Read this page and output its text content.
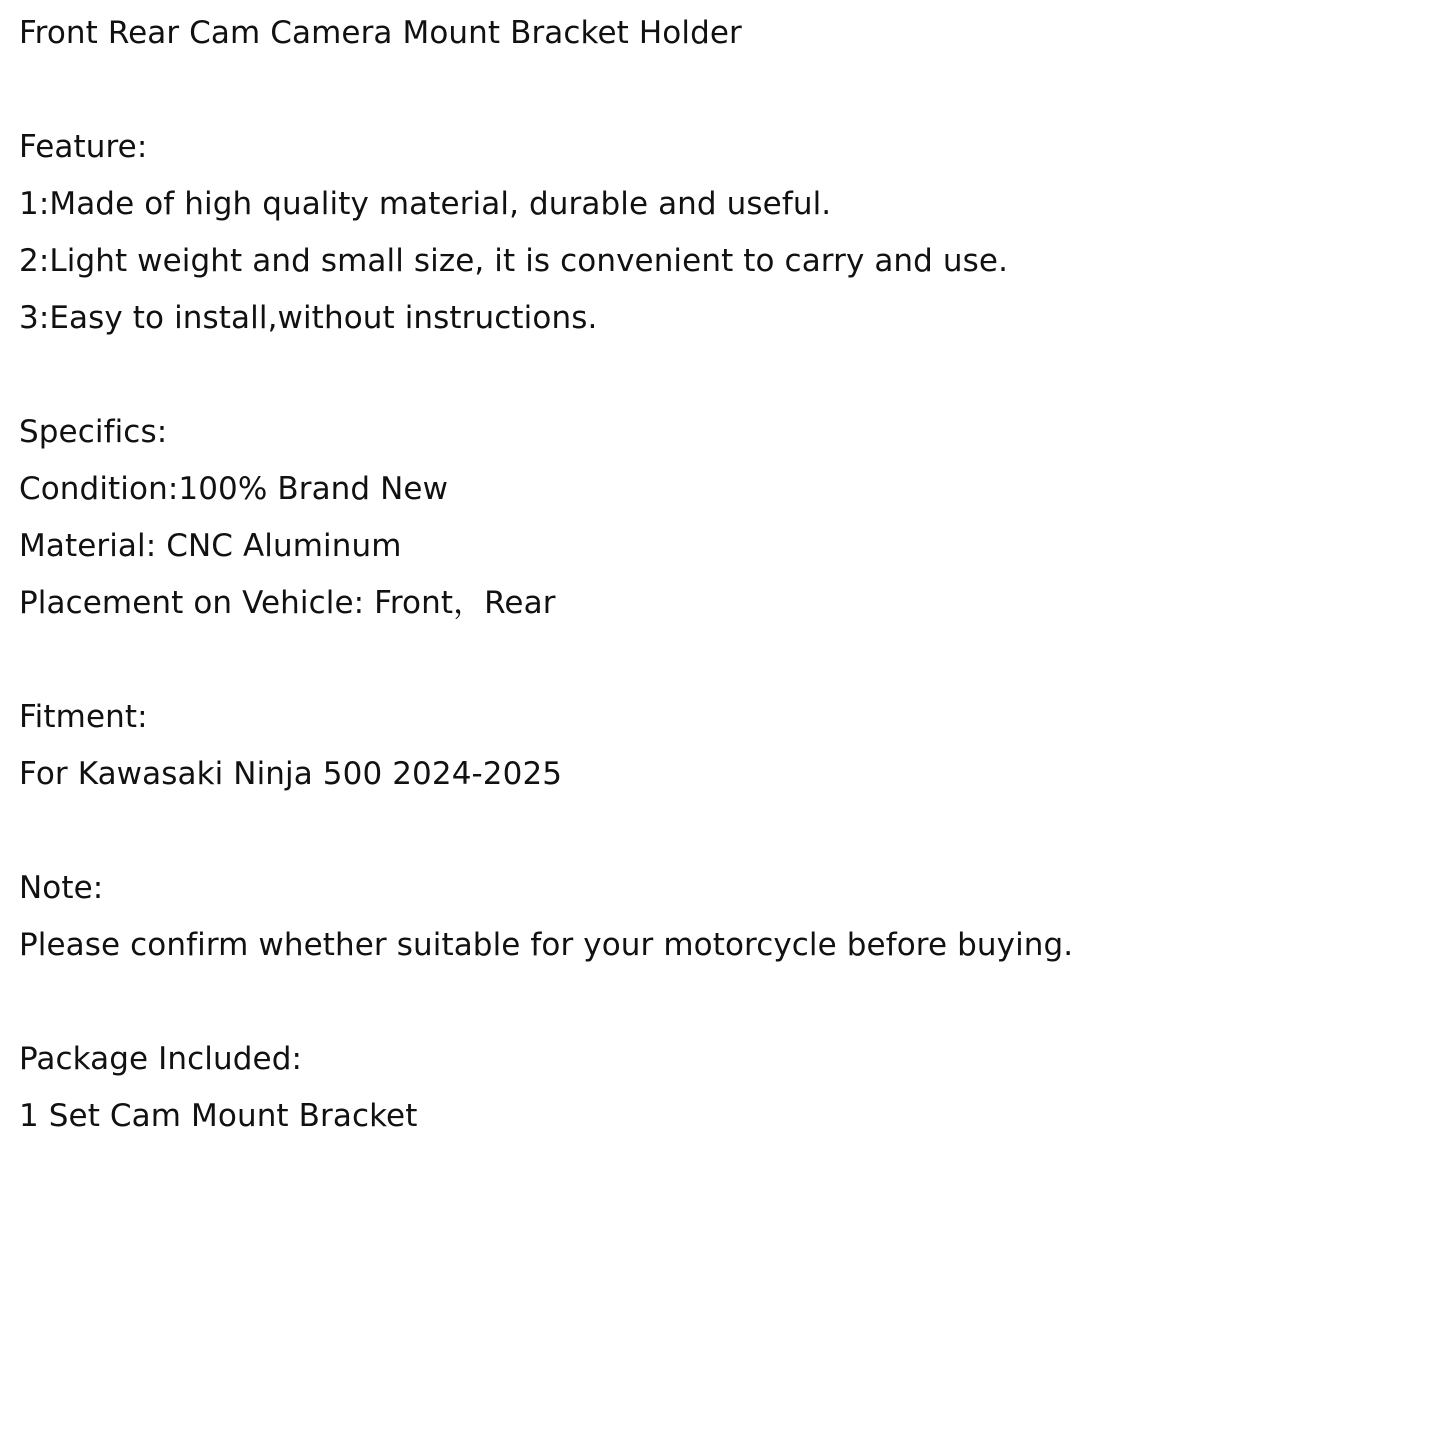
Front Rear Cam Camera Mount Bracket Holder
Feature:
1:Made of high quality material, durable and useful.
2:Light weight and small size, it is convenient to carry and use.
3:Easy to install,without instructions.
Specifics:
Condition:100% Brand New
Material: CNC Aluminum
Placement on Vehicle: Front，Rear
Fitment:
For Kawasaki Ninja 500 2024-2025
Note:
Please confirm whether suitable for your motorcycle before buying.
Package Included:
1 Set Cam Mount Bracket
